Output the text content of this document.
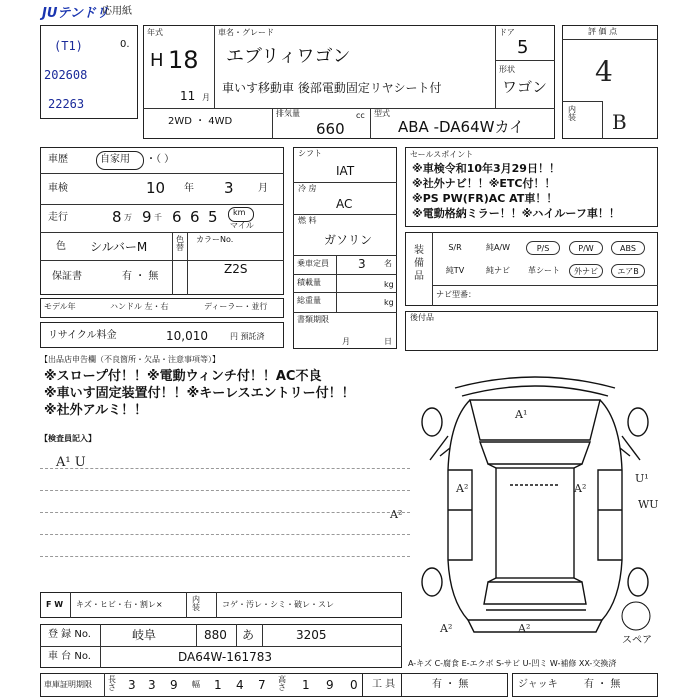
JUテンドリ
応用紙
0.
(T1)
202608
22263
年式
H 18
11 月
車名・グレード
エブリィワゴン
車いす移動車 後部電動固定リヤシート付
ドア
5
形状
ワゴン
2WD ・ 4WD
排気量	cc
660
型式
ABA -DA64Wカイ
評 価 点
4
内装 B
車歴	自家用 ・（ ）
車検	10 年 3 月
走行	8 万 9 千 6 6 5 km
マイル
色 シルバーM
色替
カラーNo.
Z2S
保証書	有 ・ 無
モデル年	ハンドル 左・右	ディーラー・並行
リサイクル料金	10,010	円 預託済
シフト
IAT
冷 房
AC
燃 料
ガソリン
乗車定員 3 名
積載量	kg
総重量	kg
書類期限
月	日
セールスポイント
※車検令和10年3月29日！！
※社外ナビ！！※ETC付！！
※PS PW(FR)AC AT車！！
※電動格納ミラー！！※ハイルーフ車！！
装備品
S/R	純A/W	P/S	P/W	ABS
純TV	純ナビ	革シート	外ナビ	エアB
ナビ型番：
後付品
【出品店申告欄（不良箇所・欠品・注意事項等）】
※スロープ付！！※電動ウィンチ付！！AC不良
※車いす固定装置付！！※キーレスエントリー付！！
※社外アルミ！！
【検査員記入】
A¹ U
F W キズ・ヒビ・右・割レ×
内装	コゲ・汚レ・シミ・破レ・スレ
登 録 No.	岐阜	880 あ	3205
車 台 No.	DA64W-161783
車庫証明期限
長さ 3 3 9 幅 1 4 7 高さ 1 9 0
A¹
A²	A²
U¹
WU
A²
A²	A²
スペア
A-キズ C-腐食 E-エクボ S-サビ U-凹ミ W-補修 XX-交換済
工 具	有 ・ 無	ジャッキ	有 ・ 無
